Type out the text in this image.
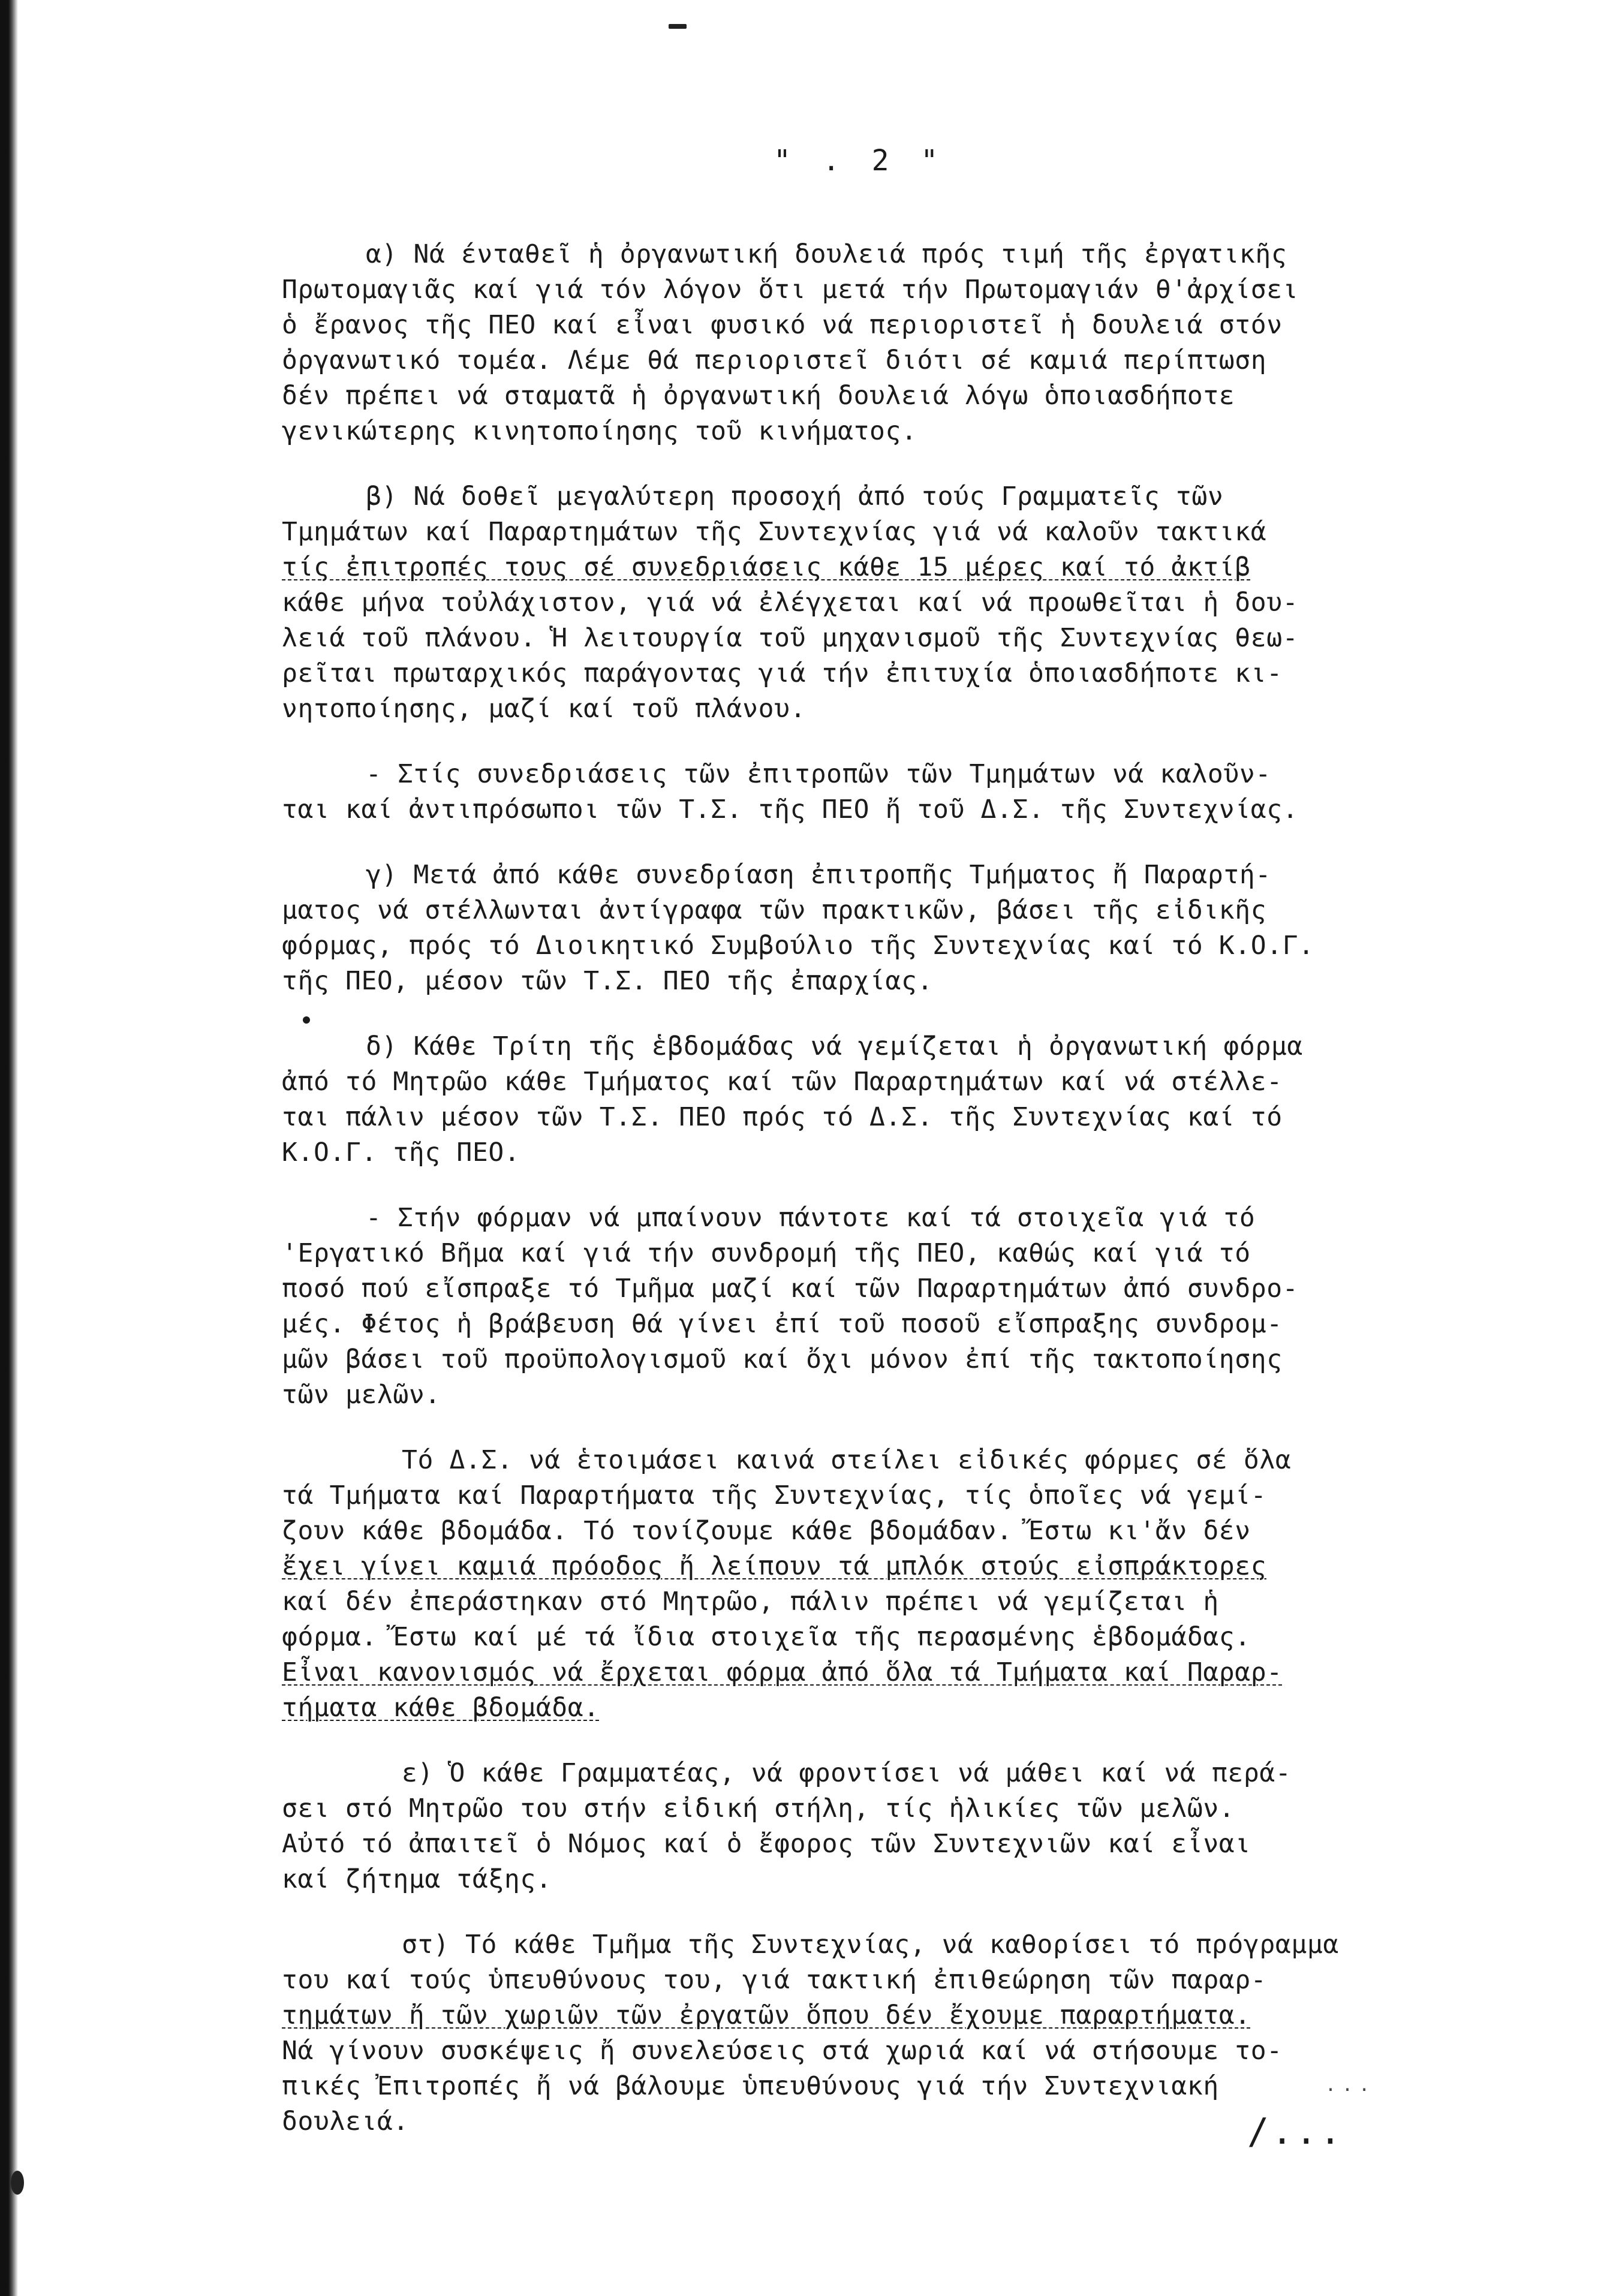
" . 2 "
α) Νά ένταθεῖ ἡ ὀργανωτική δουλειά πρός τιμή τῆς ἐργατικῆς
Πρωτομαγιᾶς καί γιά τόν λόγον ὅτι μετά τήν Πρωτομαγιάν θ'ἀρχίσει
ὁ ἔρανος τῆς ΠΕΟ καί εἶναι φυσικό νά περιοριστεῖ ἡ δουλειά στόν
ὀργανωτικό τομέα. Λέμε θά περιοριστεῖ διότι σέ καμιά περίπτωση
δέν πρέπει νά σταματᾶ ἡ ὀργανωτική δουλειά λόγω ὁποιασδήποτε
γενικώτερης κινητοποίησης τοῦ κινήματος.
β) Νά δοθεῖ μεγαλύτερη προσοχή ἀπό τούς Γραμματεῖς τῶν
Τμημάτων καί Παραρτημάτων τῆς Συντεχνίας γιά νά καλοῦν τακτικά
τίς ἐπιτροπές τους σέ συνεδριάσεις κάθε 15 μέρες καί τό ἀκτίβ
κάθε μήνα τοὐλάχιστον, γιά νά ἐλέγχεται καί νά προωθεῖται ἡ δου-
λειά τοῦ πλάνου. Ἡ λειτουργία τοῦ μηχανισμοῦ τῆς Συντεχνίας θεω-
ρεῖται πρωταρχικός παράγοντας γιά τήν ἐπιτυχία ὁποιασδήποτε κι-
νητοποίησης, μαζί καί τοῦ πλάνου.
- Στίς συνεδριάσεις τῶν ἐπιτροπῶν τῶν Τμημάτων νά καλοῦν-
ται καί ἀντιπρόσωποι τῶν Τ.Σ. τῆς ΠΕΟ ἤ τοῦ Δ.Σ. τῆς Συντεχνίας.
γ) Μετά ἀπό κάθε συνεδρίαση ἐπιτροπῆς Τμήματος ἤ Παραρτή-
ματος νά στέλλωνται ἀντίγραφα τῶν πρακτικῶν, βάσει τῆς εἰδικῆς
φόρμας, πρός τό Διοικητικό Συμβούλιο τῆς Συντεχνίας καί τό Κ.Ο.Γ.
τῆς ΠΕΟ, μέσον τῶν Τ.Σ. ΠΕΟ τῆς ἐπαρχίας.
δ) Κάθε Τρίτη τῆς ἑβδομάδας νά γεμίζεται ἡ ὀργανωτική φόρμα
ἀπό τό Μητρῶο κάθε Τμήματος καί τῶν Παραρτημάτων καί νά στέλλε-
ται πάλιν μέσον τῶν Τ.Σ. ΠΕΟ πρός τό Δ.Σ. τῆς Συντεχνίας καί τό
Κ.Ο.Γ. τῆς ΠΕΟ.
- Στήν φόρμαν νά μπαίνουν πάντοτε καί τά στοιχεῖα γιά τό
'Εργατικό Βῆμα καί γιά τήν συνδρομή τῆς ΠΕΟ, καθώς καί γιά τό
ποσό πού εἴσπραξε τό Τμῆμα μαζί καί τῶν Παραρτημάτων ἀπό συνδρο-
μές. Φέτος ἡ βράβευση θά γίνει ἐπί τοῦ ποσοῦ εἴσπραξης συνδρομ-
μῶν βάσει τοῦ προϋπολογισμοῦ καί ὄχι μόνον ἐπί τῆς τακτοποίησης
τῶν μελῶν.
Τό Δ.Σ. νά ἑτοιμάσει καινά στείλει εἰδικές φόρμες σέ ὅλα
τά Τμήματα καί Παραρτήματα τῆς Συντεχνίας, τίς ὁποῖες νά γεμί-
ζουν κάθε βδομάδα. Τό τονίζουμε κάθε βδομάδαν. Ἔστω κι'ἄν δέν
ἔχει γίνει καμιά πρόοδος ἤ λείπουν τά μπλόκ στούς εἰσπράκτορες
καί δέν ἐπεράστηκαν στό Μητρῶο, πάλιν πρέπει νά γεμίζεται ἡ
φόρμα. Ἔστω καί μέ τά ἴδια στοιχεῖα τῆς περασμένης ἑβδομάδας.
Εἶναι κανονισμός νά ἔρχεται φόρμα ἀπό ὅλα τά Τμήματα καί Παραρ-
τήματα κάθε βδομάδα.
ε) Ὁ κάθε Γραμματέας, νά φροντίσει νά μάθει καί νά περά-
σει στό Μητρῶο του στήν εἰδική στήλη, τίς ἡλικίες τῶν μελῶν.
Αὐτό τό ἀπαιτεῖ ὁ Νόμος καί ὁ ἔφορος τῶν Συντεχνιῶν καί εἶναι
καί ζήτημα τάξης.
στ) Τό κάθε Τμῆμα τῆς Συντεχνίας, νά καθορίσει τό πρόγραμμα
του καί τούς ὑπευθύνους του, γιά τακτική ἐπιθεώρηση τῶν παραρ-
τημάτων ἤ τῶν χωριῶν τῶν ἐργατῶν ὅπου δέν ἔχουμε παραρτήματα.
Νά γίνουν συσκέψεις ἤ συνελεύσεις στά χωριά καί νά στήσουμε το-
πικές Ἐπιτροπές ἤ νά βάλουμε ὑπευθύνους γιά τήν Συντεχνιακή
δουλειά.
...
/...
